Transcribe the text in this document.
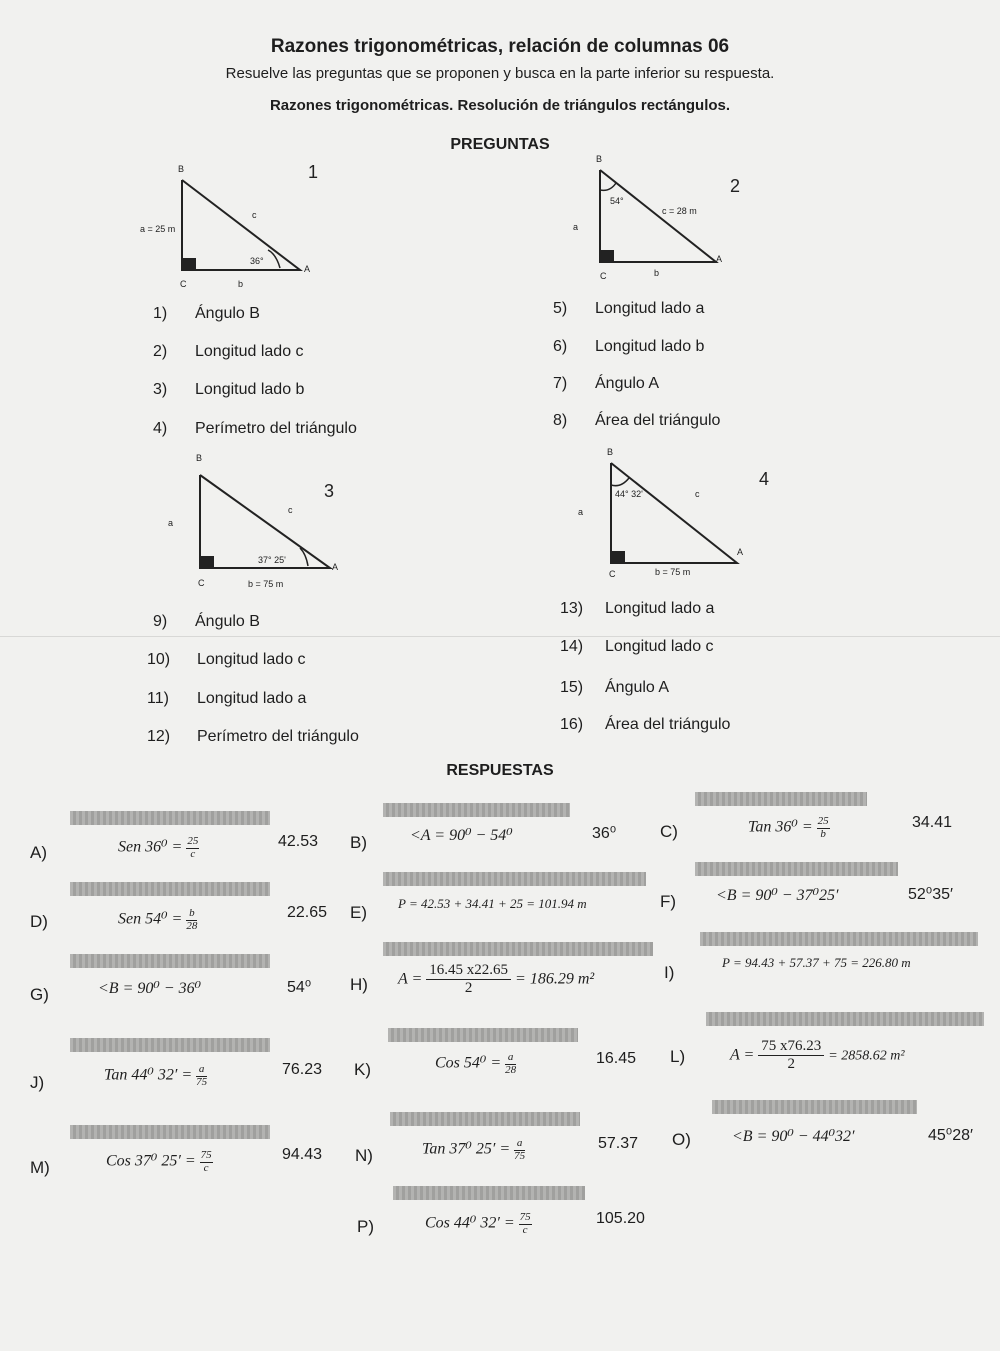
Razones trigonométricas, relación de columnas 06
Resuelve las preguntas que se proponen y busca en la parte inferior su respuesta.
Razones trigonométricas. Resolución de triángulos rectángulos.
PREGUNTAS
B
C
A
a = 25 m
b
c
36°
1
B
C
A
a
b
c = 28 m
54°
2
1) Ángulo B
2) Longitud lado c
3) Longitud lado b
4) Perímetro del triángulo
5) Longitud lado a
6) Longitud lado b
7) Ángulo A
8) Área del triángulo
B
C
A
a
b = 75 m
c
37° 25'
3
B
C
A
a
b = 75 m
c
44° 32'
4
9) Ángulo B
10) Longitud lado c
11) Longitud lado a
12) Perímetro del triángulo
13) Longitud lado a
14) Longitud lado c
15) Ángulo A
16) Área del triángulo
RESPUESTAS
A)	Sen $36^0 = \frac{25}{c}$	42.53 B)	<A = 90⁰ − 54⁰	36⁰	C)	Tan $36^0 = \frac{25}{b}$	34.41
D)	Sen $54^0 = \frac{b}{28}$	22.65 E) P = 42.53 + 34.41 + 25 = 101.94 m	F) <B = 90⁰ − 37⁰25′	52⁰35′
G)	<B = 90⁰ − 36⁰	54⁰ H) $A = \frac{16.45 x22.65}{2} = 186.29$ m²	I)
P = 94.43 + 57.37 + 75 = 226.80 m
J)	Tan 44⁰ $32' = \frac{a}{75}$	76.23 K)	Cos $54^0 = \frac{a}{28}$	16.45 L)	$A = \frac{75 x76.23}{2} = 2858.62$ m²
M)	Cos 37⁰ $25' = \frac{75}{c}$	94.43 N)	Tan 37⁰ $25' = \frac{a}{75}$	57.37 O)	<B = 90⁰ − 44⁰32′	45⁰28′
P)	Cos 44⁰ $32' = \frac{75}{c}$	105.20
